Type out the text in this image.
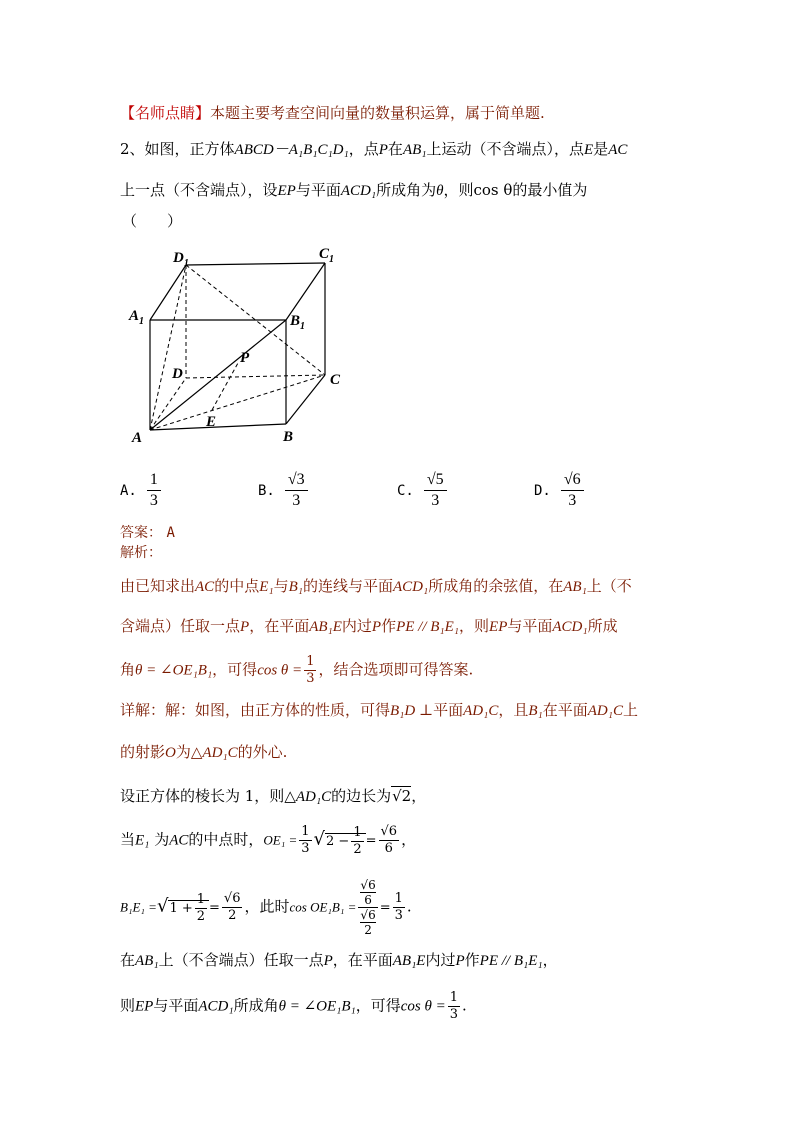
【名师点睛】本题主要考查空间向量的数量积运算，属于简单题.
2、如图，正方体ABCD－A₁B₁C₁D₁，点P在AB₁上运动（不含端点），点E是AC
上一点（不含端点），设EP与平面ACD₁所成角为θ，则cos θ的最小值为
（　　）
$D_1$
$C_1$
$A_1$	$B_1$
D	C
A	B
P
E
A. $\frac{1}{3}$	B. $\frac{√3}{3}$	C. $\frac{√5}{3}$	D. $\frac{√6}{3}$
答案： A
解析：
由已知求出AC的中点E₁与B₁的连线与平面ACD₁所成角的余弦值，在AB₁上（不
含端点）任取一点P，在平面AB₁E内过P作PE // B₁E₁，则EP与平面ACD₁所成
角θ = ∠OE₁B₁，可得$\cos \theta = \frac{1}{3}$ ，结合选项即可得答案.
详解：解：如图，由正方体的性质，可得B₁D ⊥平面AD₁C，且B₁在平面AD₁C上
的射影O为△AD₁C的外心.
设正方体的棱长为 1，则△AD₁C的边长为√2，
当E₁ 为AC的中点时，$OE_1 = \frac{1}{3} √2 - \frac{1}{2} = \frac{√6}{6}$ ，
$B_1E_1 =√1 + \frac{1}{2} = \frac{√6}{2}$ ，此时cos OE₁B₁ = √6
6
√6
$2 = \frac{1}{3}$ .
在AB₁上（不含端点）任取一点P，在平面AB₁E内过P作PE // B₁E₁，
则EP与平面ACD₁所成角θ = ∠OE₁B₁，可得$\cos \theta = \frac{1}{3}$ .
